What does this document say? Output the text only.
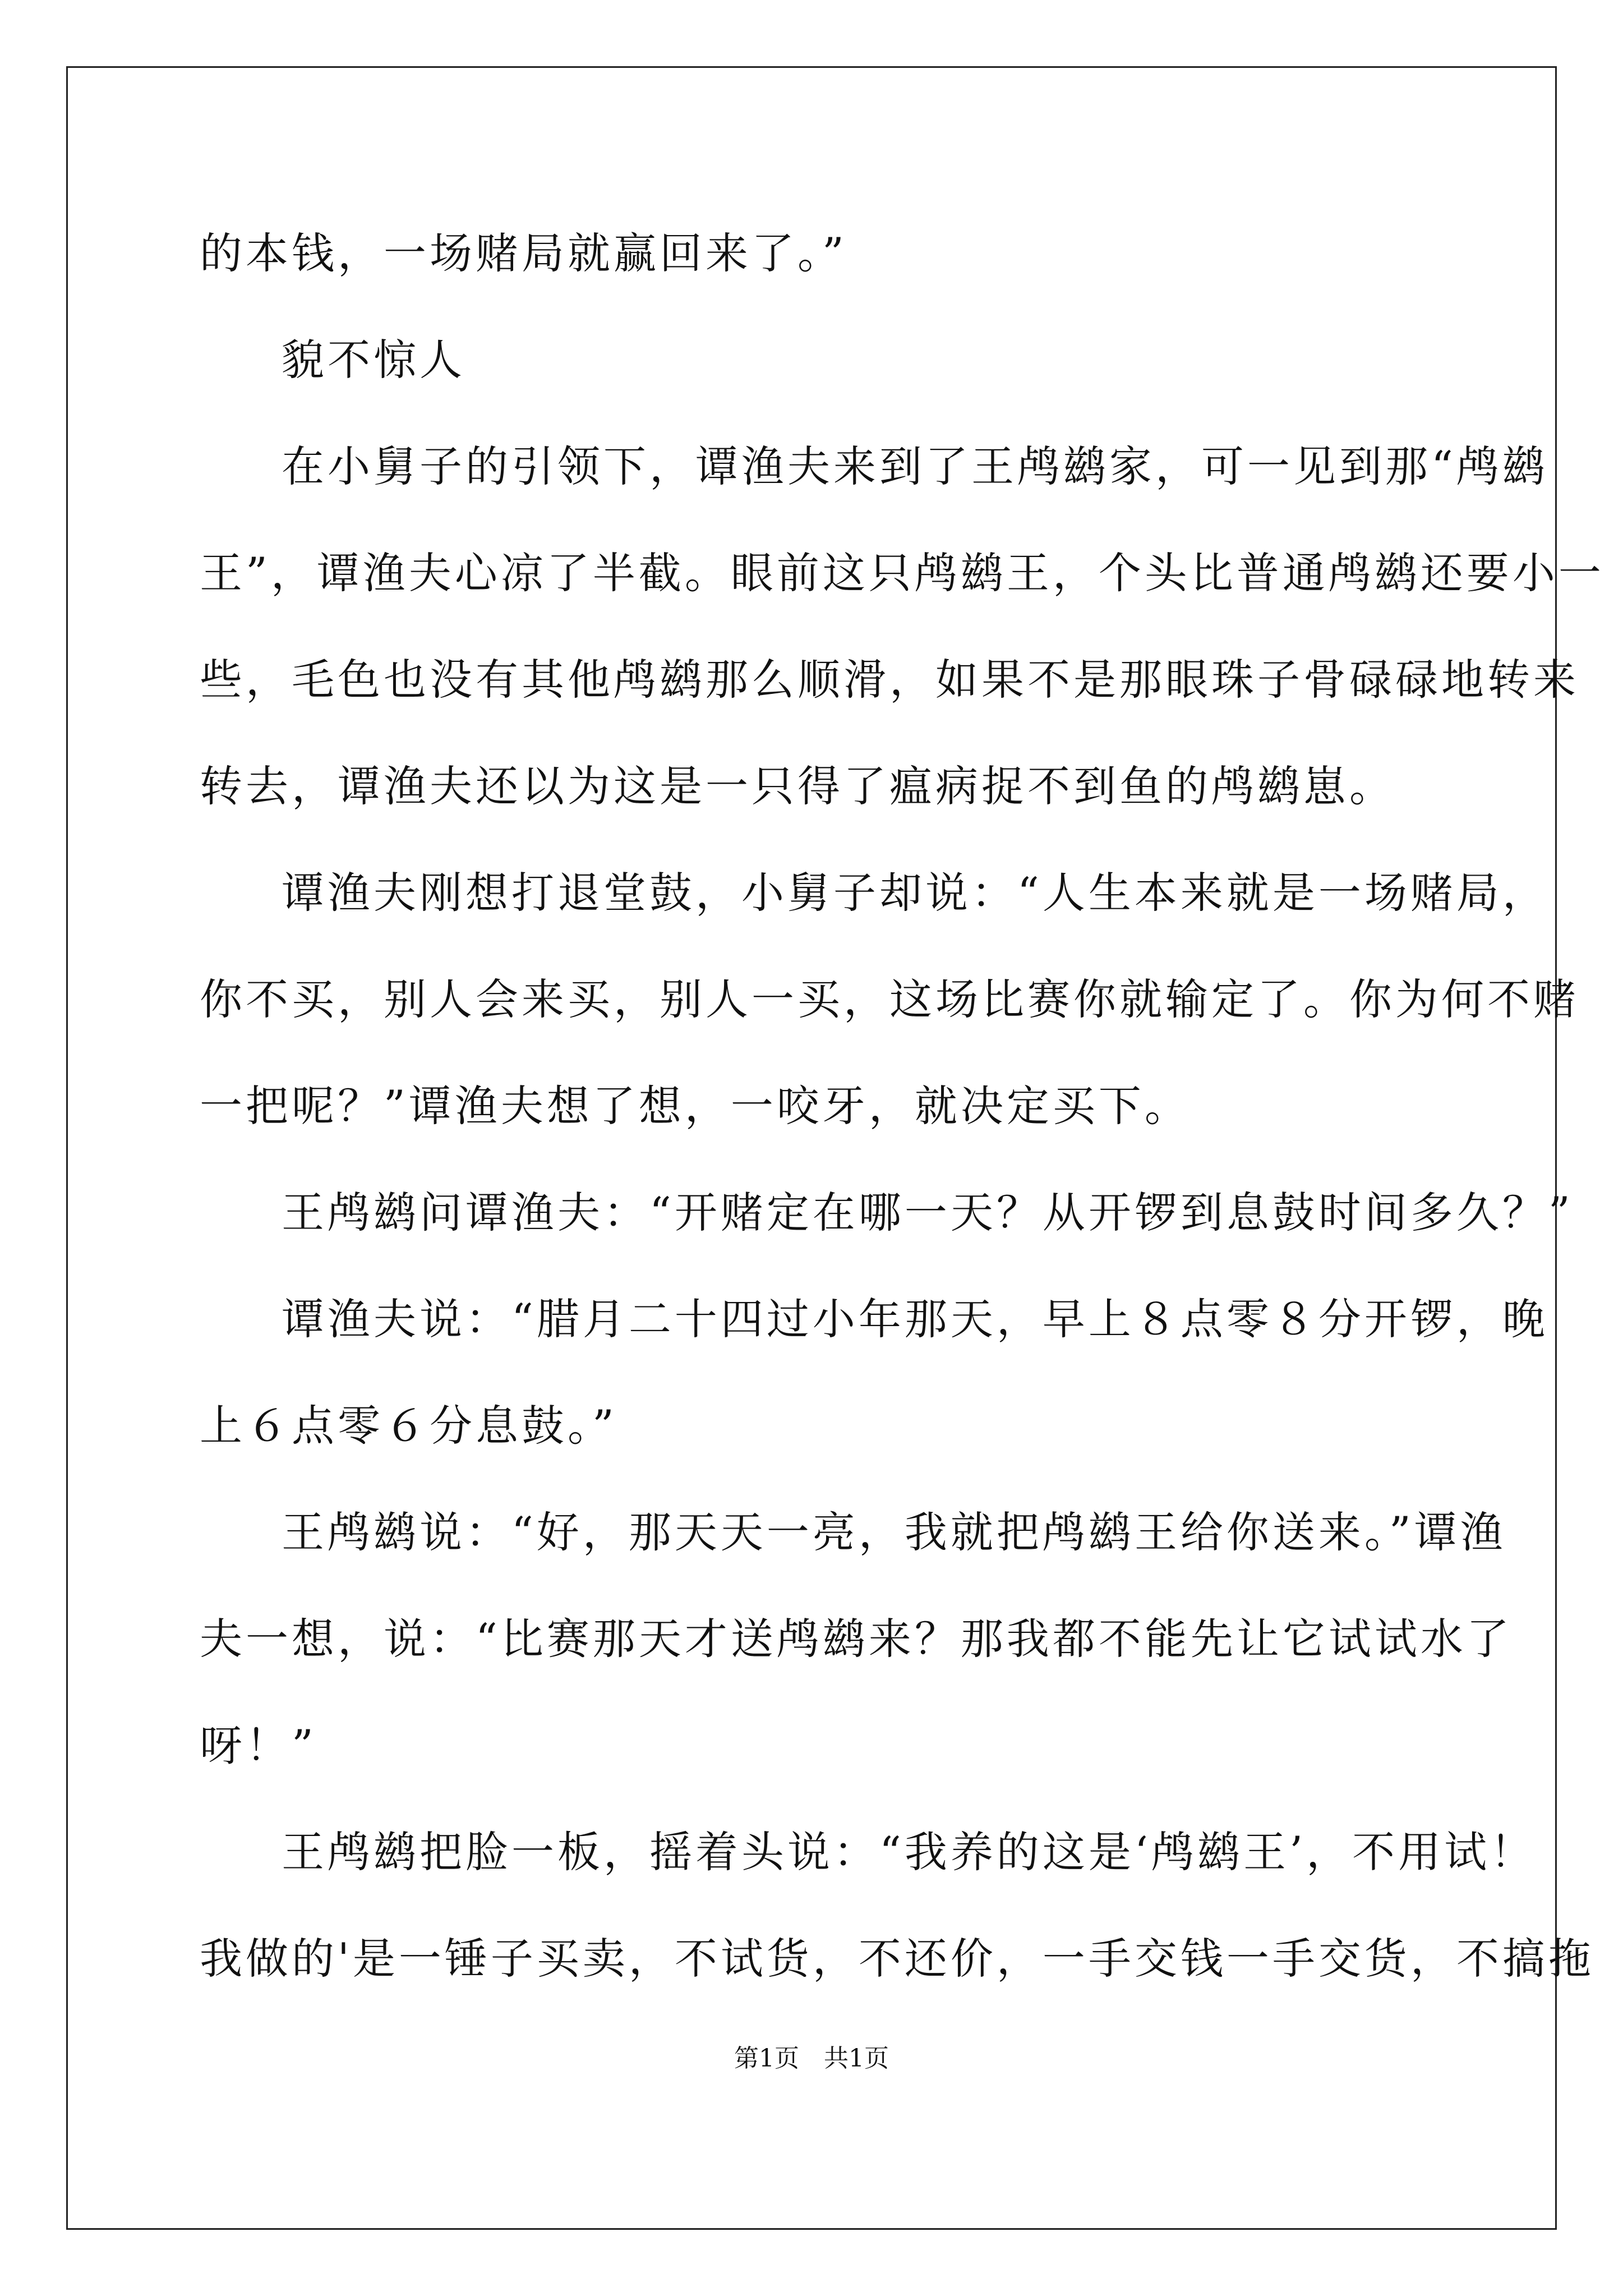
的本钱，一场赌局就赢回来了。”
貌不惊人
在小舅子的引领下，谭渔夫来到了王鸬鹚家，可一见到那“鸬鹚
王”，谭渔夫心凉了半截。眼前这只鸬鹚王，个头比普通鸬鹚还要小一
些，毛色也没有其他鸬鹚那么顺滑，如果不是那眼珠子骨碌碌地转来
转去，谭渔夫还以为这是一只得了瘟病捉不到鱼的鸬鹚崽。
谭渔夫刚想打退堂鼓，小舅子却说：“人生本来就是一场赌局，
你不买，别人会来买，别人一买，这场比赛你就输定了。你为何不赌
一把呢？”谭渔夫想了想，一咬牙，就决定买下。
王鸬鹚问谭渔夫：“开赌定在哪一天？从开锣到息鼓时间多久？”
谭渔夫说：“腊月二十四过小年那天，早上８点零８分开锣，晚
上６点零６分息鼓。”
王鸬鹚说：“好，那天天一亮，我就把鸬鹚王给你送来。”谭渔
夫一想，说：“比赛那天才送鸬鹚来？那我都不能先让它试试水了
呀！”
王鸬鹚把脸一板，摇着头说：“我养的这是‘鸬鹚王’，不用试！
我做的'是一锤子买卖，不试货，不还价，一手交钱一手交货，不搞拖
第1页　共1页
